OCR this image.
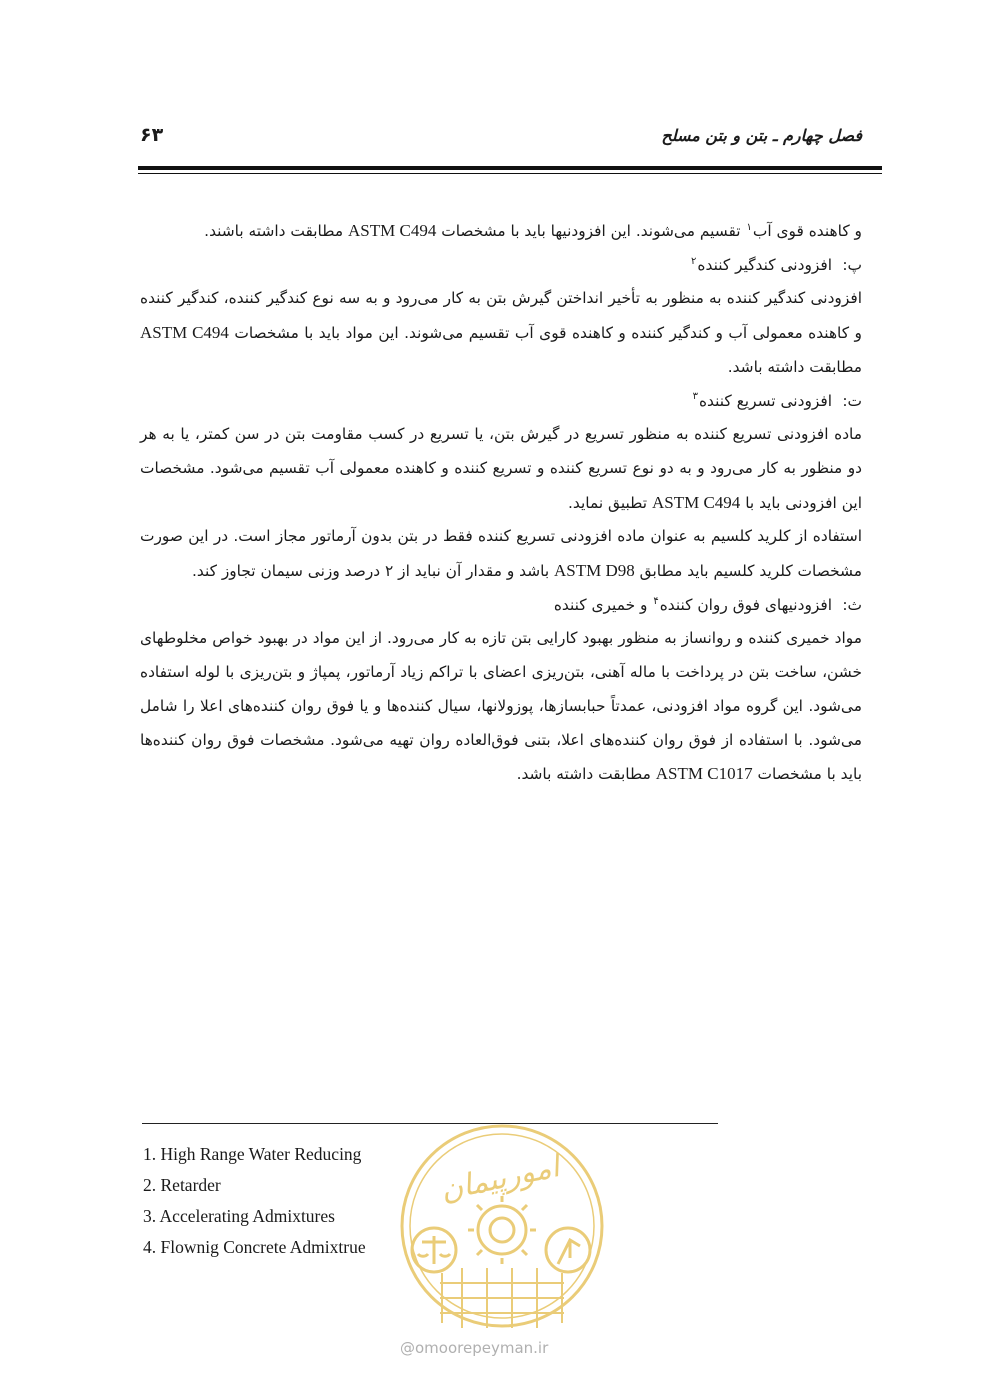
فصل چهارم ـ بتن و بتن مسلح
۶۳

و کاهنده قوی آب$^۱$ تقسیم می‌شوند. این افزودنیها باید با مشخصات ASTM C494 مطابقت داشته باشند.

پ:افزودنی کندگیر کننده$^۲$

افزودنی کندگیر کننده به منظور به تأخیر انداختن گیرش بتن به کار می‌رود و به سه نوع کندگیر کننده، کندگیر کننده و کاهنده معمولی آب و کندگیر کننده و کاهنده قوی آب تقسیم می‌شوند. این مواد باید با مشخصات ASTM C494 مطابقت داشته باشد.

ت:افزودنی تسریع کننده$^۳$

ماده افزودنی تسریع کننده به منظور تسریع در گیرش بتن، یا تسریع در کسب مقاومت بتن در سن کمتر، یا به هر دو منظور به کار می‌رود و به دو نوع تسریع کننده و تسریع کننده و کاهنده معمولی آب تقسیم می‌شود. مشخصات این افزودنی باید با ASTM C494 تطبیق نماید.

استفاده از کلرید کلسیم به عنوان ماده افزودنی تسریع کننده فقط در بتن بدون آرماتور مجاز است. در این صورت مشخصات کلرید کلسیم باید مطابق ASTM D98 باشد و مقدار آن نباید از ۲ درصد وزنی سیمان تجاوز کند.

ث:افزودنیهای فوق روان کننده$^۴$ و خمیری کننده

مواد خمیری کننده و روانساز به منظور بهبود کارایی بتن تازه به کار می‌رود. از این مواد در بهبود خواص مخلوطهای خشن، ساخت بتن در پرداخت با ماله آهنی، بتن‌ریزی اعضای با تراکم زیاد آرماتور، پمپاژ و بتن‌ریزی با لوله استفاده می‌شود. این گروه مواد افزودنی، عمدتاً حبابسازها، پوزولانها، سیال کننده‌ها و یا فوق روان کننده‌های اعلا را شامل می‌شود. با استفاده از فوق روان کننده‌های اعلا، بتنی فوق‌العاده روان تهیه می‌شود. مشخصات فوق روان کننده‌ها باید با مشخصات ASTM C1017 مطابقت داشته باشد.

1. High Range Water Reducing
2. Retarder
3. Accelerating Admixtures
4. Flownig Concrete Admixtrue
امورپیمان
@omoorepeyman.ir
